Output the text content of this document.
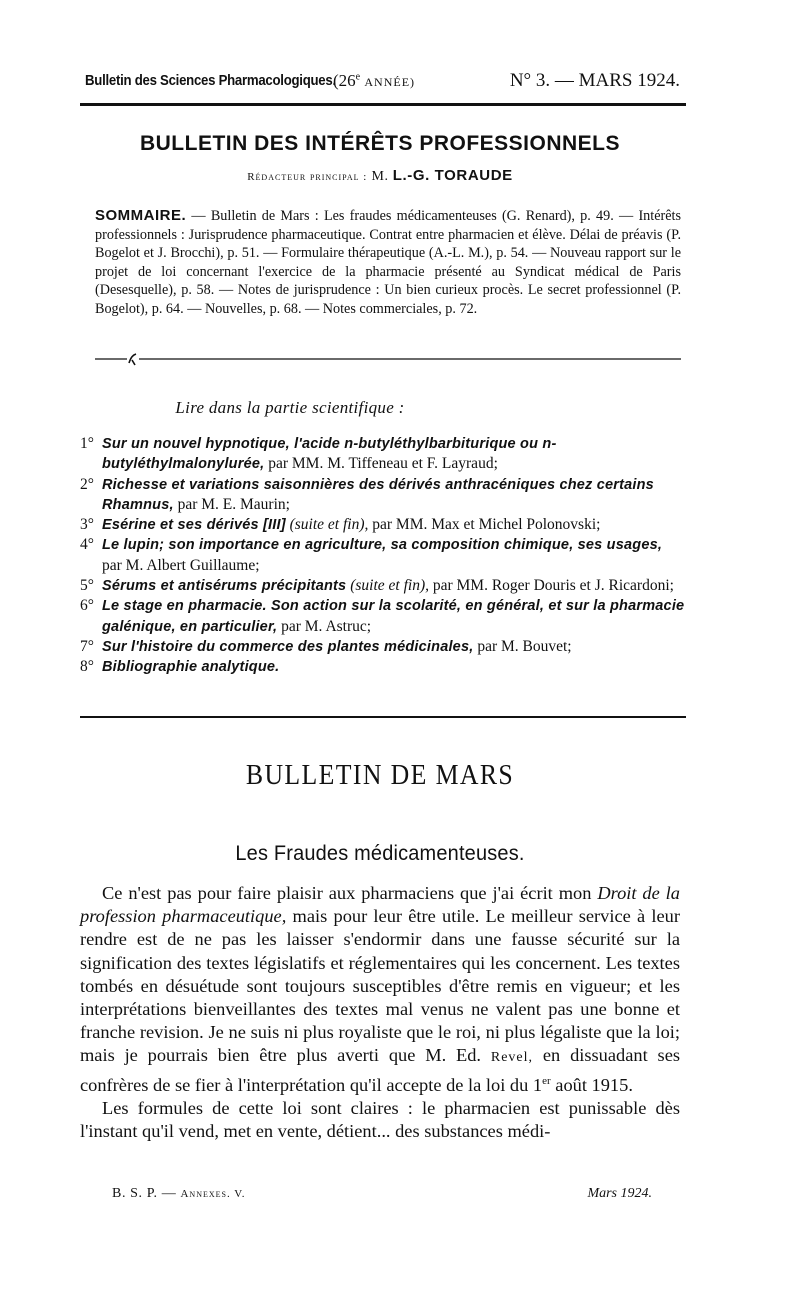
Bulletin des Sciences Pharmacologiques.
(26e ANNÉE)	N° 3. — MARS 1924.
BULLETIN DES INTÉRÊTS PROFESSIONNELS
Rédacteur principal : M. L.-G. TORAUDE
SOMMAIRE. — Bulletin de Mars : Les fraudes médicamenteuses (G. Renard), p. 49. — Intérêts professionnels : Jurisprudence pharmaceutique. Contrat entre pharmacien et élève. Délai de préavis (P. Bogelot et J. Brocchi), p. 51. — Formulaire thérapeutique (A.-L. M.), p. 54. — Nouveau rapport sur le projet de loi concernant l'exercice de la pharmacie présenté au Syndicat médical de Paris (Desesquelle), p. 58. — Notes de jurisprudence : Un bien curieux procès. Le secret professionnel (P. Bogelot), p. 64. — Nouvelles, p. 68. — Notes commerciales, p. 72.
Lire dans la partie scientifique :
1° Sur un nouvel hypnotique, l'acide n-butyléthylbarbiturique ou n-butyléthylmalonylurée, par MM. M. Tiffeneau et F. Layraud;
2° Richesse et variations saisonnières des dérivés anthracéniques chez certains Rhamnus, par M. E. Maurin;
3° Esérine et ses dérivés [III] (suite et fin), par MM. Max et Michel Polonovski;
4° Le lupin; son importance en agriculture, sa composition chimique, ses usages, par M. Albert Guillaume;
5° Sérums et antisérums précipitants (suite et fin), par MM. Roger Douris et J. Ricardoni;
6° Le stage en pharmacie. Son action sur la scolarité, en général, et sur la pharmacie galénique, en particulier, par M. Astruc;
7° Sur l'histoire du commerce des plantes médicinales, par M. Bouvet;
8° Bibliographie analytique.
BULLETIN DE MARS
Les Fraudes médicamenteuses.

Ce n'est pas pour faire plaisir aux pharmaciens que j'ai écrit mon Droit de la profession pharmaceutique, mais pour leur être utile. Le meilleur service à leur rendre est de ne pas les laisser s'endormir dans une fausse sécurité sur la signification des textes législatifs et réglementaires qui les concernent. Les textes tombés en désuétude sont toujours susceptibles d'être remis en vigueur; et les interprétations bienveillantes des textes mal venus ne valent pas une bonne et franche revision. Je ne suis ni plus royaliste que le roi, ni plus légaliste que la loi; mais je pourrais bien être plus averti que M. Ed. Revel, en dissuadant ses confrères de se fier à l'interprétation qu'il accepte de la loi du 1er août 1915.

Les formules de cette loi sont claires : le pharmacien est punissable dès l'instant qu'il vend, met en vente, détient... des substances médi-

B. S. P. — Annexes. V.	Mars 1924.
